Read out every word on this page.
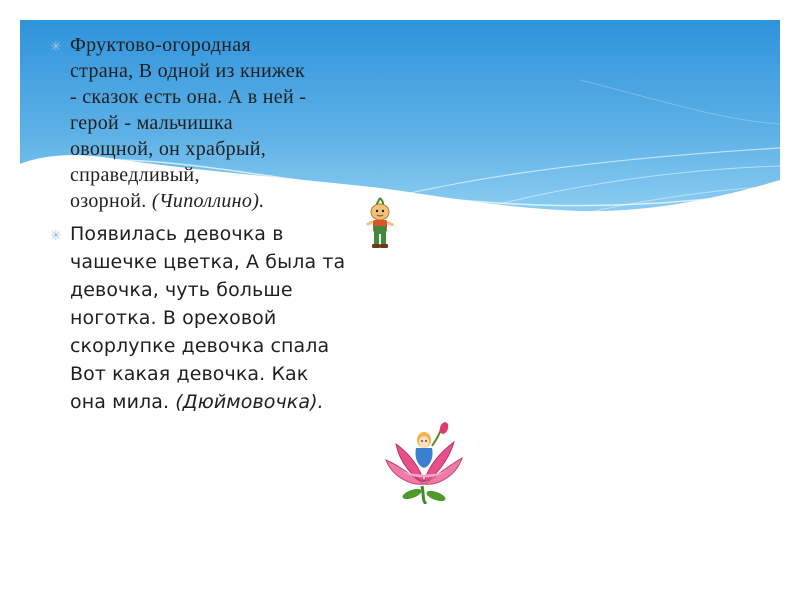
✳ Фруктово-огородная
страна, В одной из книжек
- сказок есть она. А в ней -
герой - мальчишка
овощной, он храбрый,
справедливый,
озорной. (Чиполлино).
✳ Появилась девочка в
чашечке цветка, А была та
девочка, чуть больше
ноготка. В ореховой
скорлупке девочка спала
Вот какая девочка. Как
она мила. (Дюймовочка).
